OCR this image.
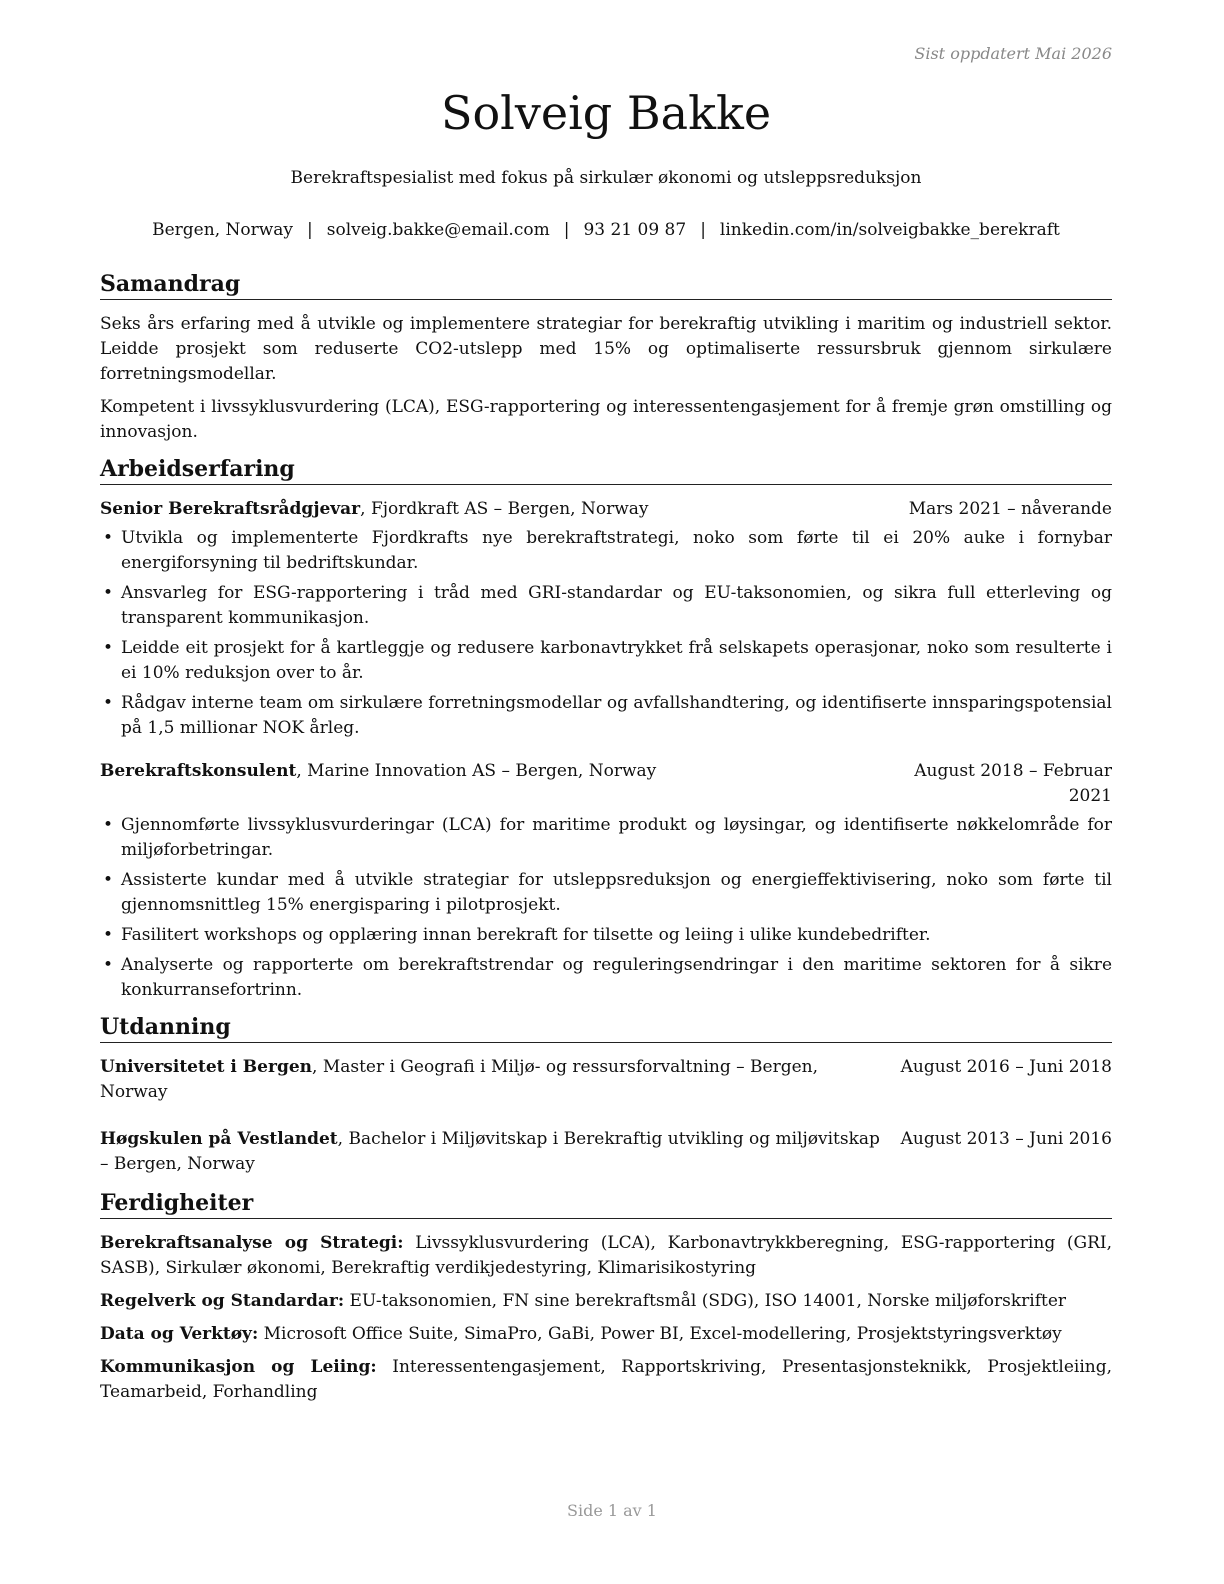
Sist oppdatert Mai 2026
Solveig Bakke
Berekraftspesialist med fokus på sirkulær økonomi og utsleppsreduksjon
Bergen, Norway | solveig.bakke@email.com | 93 21 09 87 | linkedin.com/in/solveigbakke_berekraft
Samandrag

Seks års erfaring med å utvikle og implementere strategiar for berekraftig utvikling i maritim og industriell sektor. Leidde prosjekt som reduserte CO2-utslepp med 15% og optimaliserte ressursbruk gjennom sirkulære forretningsmodellar.

Kompetent i livssyklusvurdering (LCA), ESG-rapportering og interessentengasjement for å fremje grøn omstilling og innovasjon.

Arbeidserfaring
Senior Berekraftsrådgjevar, Fjordkraft AS – Bergen, Norway	Mars 2021 – nåverande
• Utvikla og implementerte Fjordkrafts nye berekraftstrategi, noko som førte til ei 20% auke i fornybar energiforsyning til bedriftskundar.
• Ansvarleg for ESG-rapportering i tråd med GRI-standardar og EU-taksonomien, og sikra full etterleving og transparent kommunikasjon.
• Leidde eit prosjekt for å kartleggje og redusere karbonavtrykket frå selskapets operasjonar, noko som resulterte i ei 10% reduksjon over to år.
• Rådgav interne team om sirkulære forretningsmodellar og avfallshandtering, og identifiserte innsparingspotensial på 1,5 millionar NOK årleg.
Berekraftskonsulent, Marine Innovation AS – Bergen, Norway	August 2018 – Februar 2021
• Gjennomførte livssyklusvurderingar (LCA) for maritime produkt og løysingar, og identifiserte nøkkelområde for miljøforbetringar.
• Assisterte kundar med å utvikle strategiar for utsleppsreduksjon og energieffektivisering, noko som førte til gjennomsnittleg 15% energisparing i pilotprosjekt.
• Fasilitert workshops og opplæring innan berekraft for tilsette og leiing i ulike kundebedrifter.
• Analyserte og rapporterte om berekraftstrendar og reguleringsendringar i den maritime sektoren for å sikre konkurransefortrinn.
Utdanning
Universitetet i Bergen, Master i Geografi i Miljø- og ressursforvaltning – Bergen, Norway
August 2016 – Juni 2018
Høgskulen på Vestlandet, Bachelor i Miljøvitskap i Berekraftig utvikling og miljøvitskap – Bergen, Norway
August 2013 – Juni 2016
Ferdigheiter
Berekraftsanalyse og Strategi: Livssyklusvurdering (LCA), Karbonavtrykkberegning, ESG-rapportering (GRI, SASB), Sirkulær økonomi, Berekraftig verdikjedestyring, Klimarisikostyring
Regelverk og Standardar: EU-taksonomien, FN sine berekraftsmål (SDG), ISO 14001, Norske miljøforskrifter
Data og Verktøy: Microsoft Office Suite, SimaPro, GaBi, Power BI, Excel-modellering, Prosjektstyringsverktøy
Kommunikasjon og Leiing: Interessentengasjement, Rapportskriving, Presentasjonsteknikk, Prosjektleiing, Teamarbeid, Forhandling
Side 1 av 1
